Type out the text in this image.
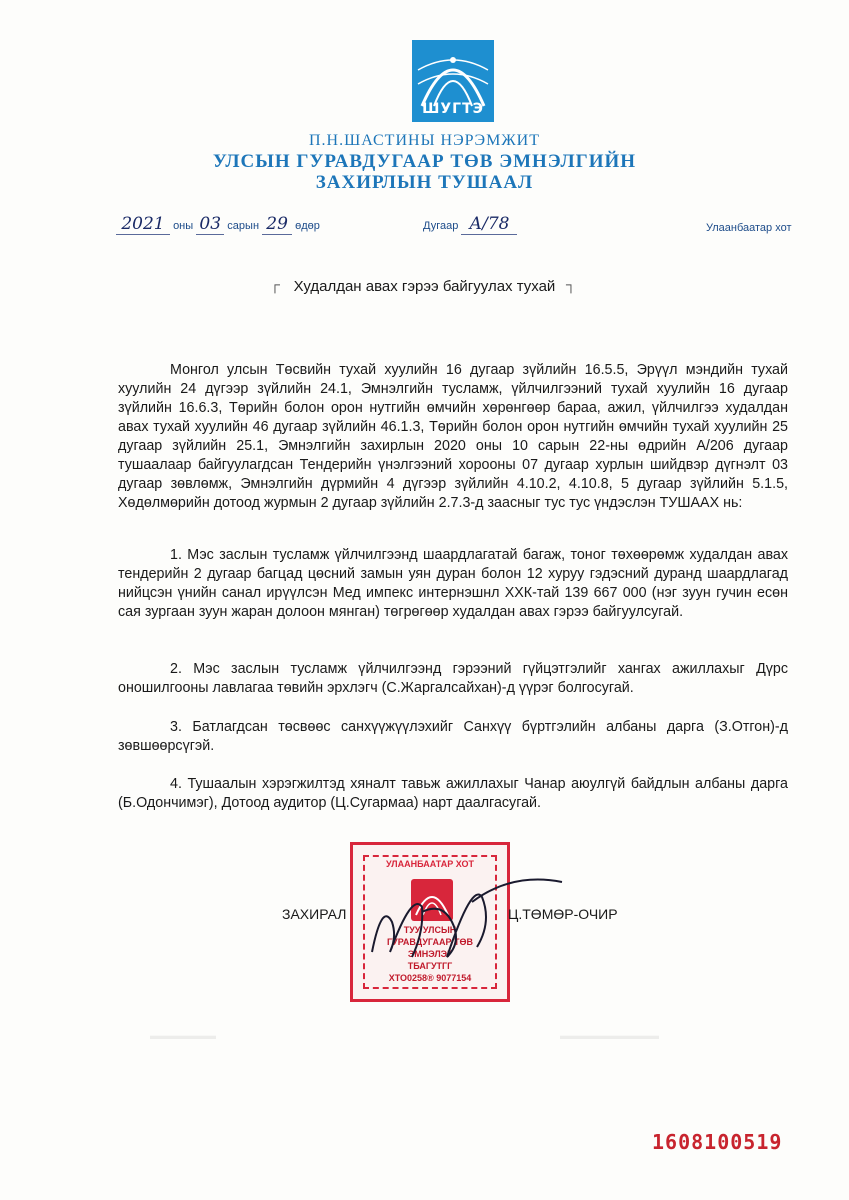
ШУГТЭ
П.Н.ШАСТИНЫ НЭРЭМЖИТ
УЛСЫН ГУРАВДУГААР ТӨВ ЭМНЭЛГИЙН
ЗАХИРЛЫН ТУШААЛ
2021 оны 03 сарын 29 өдөр	Дугаар А/78	Улаанбаатар хот
┌ Худалдан авах гэрээ байгуулах тухай ┐
Монгол улсын Төсвийн тухай хуулийн 16 дугаар зүйлийн 16.5.5, Эрүүл мэндийн тухай хуулийн 24 дүгээр зүйлийн 24.1, Эмнэлгийн тусламж, үйлчилгээний тухай хуулийн 16 дугаар зүйлийн 16.6.3, Төрийн болон орон нутгийн өмчийн хөрөнгөөр бараа, ажил, үйлчилгээ худалдан авах тухай хуулийн 46 дугаар зүйлийн 46.1.3, Төрийн болон орон нутгийн өмчийн тухай хуулийн 25 дугаар зүйлийн 25.1, Эмнэлгийн захирлын 2020 оны 10 сарын 22-ны өдрийн А/206 дугаар тушаалаар байгуулагдсан Тендерийн үнэлгээний хорооны 07 дугаар хурлын шийдвэр дүгнэлт 03 дугаар зөвлөмж, Эмнэлгийн дүрмийн 4 дүгээр зүйлийн 4.10.2, 4.10.8, 5 дугаар зүйлийн 5.1.5, Хөдөлмөрийн дотоод журмын 2 дугаар зүйлийн 2.7.3-д заасныг тус тус үндэслэн ТУШААХ нь:
1. Мэс заслын тусламж үйлчилгээнд шаардлагатай багаж, тоног төхөөрөмж худалдан авах тендерийн 2 дугаар багцад цөсний замын уян дуран болон 12 хуруу гэдэсний дуранд шаардлагад нийцсэн үнийн санал ирүүлсэн Мед импекс интернэшнл ХХК-тай 139 667 000 (нэг зуун гучин есөн сая зургаан зуун жаран долоон мянган) төгрөгөөр худалдан авах гэрээ байгуулсугай.
2. Мэс заслын тусламж үйлчилгээнд гэрээний гүйцэтгэлийг хангах ажиллахыг Дүрс оношилгооны лавлагаа төвийн эрхлэгч (С.Жаргалсайхан)-д үүрэг болгосугай.
3. Батлагдсан төсвөөс санхүүжүүлэхийг Санхүү бүртгэлийн албаны дарга (З.Отгон)-д зөвшөөрсүгэй.
4. Тушаалын хэрэгжилтэд хяналт тавьж ажиллахыг Чанар аюулгүй байдлын албаны дарга (Б.Одончимэг), Дотоод аудитор (Ц.Сугармаа) нарт даалгасугай.
УЛААНБААТАР ХОТ
ТУУ УЛСЫН
ГУРАВДУГААР ТӨВ
ЭМНЭЛЭГ
ТБАГУТГГ
ХТО0258® 9077154
ЗАХИРАЛ	Ц.ТӨМӨР-ОЧИР
▬▬▬▬▬▬▬▬▬
▬▬▬▬▬▬
1608100519
